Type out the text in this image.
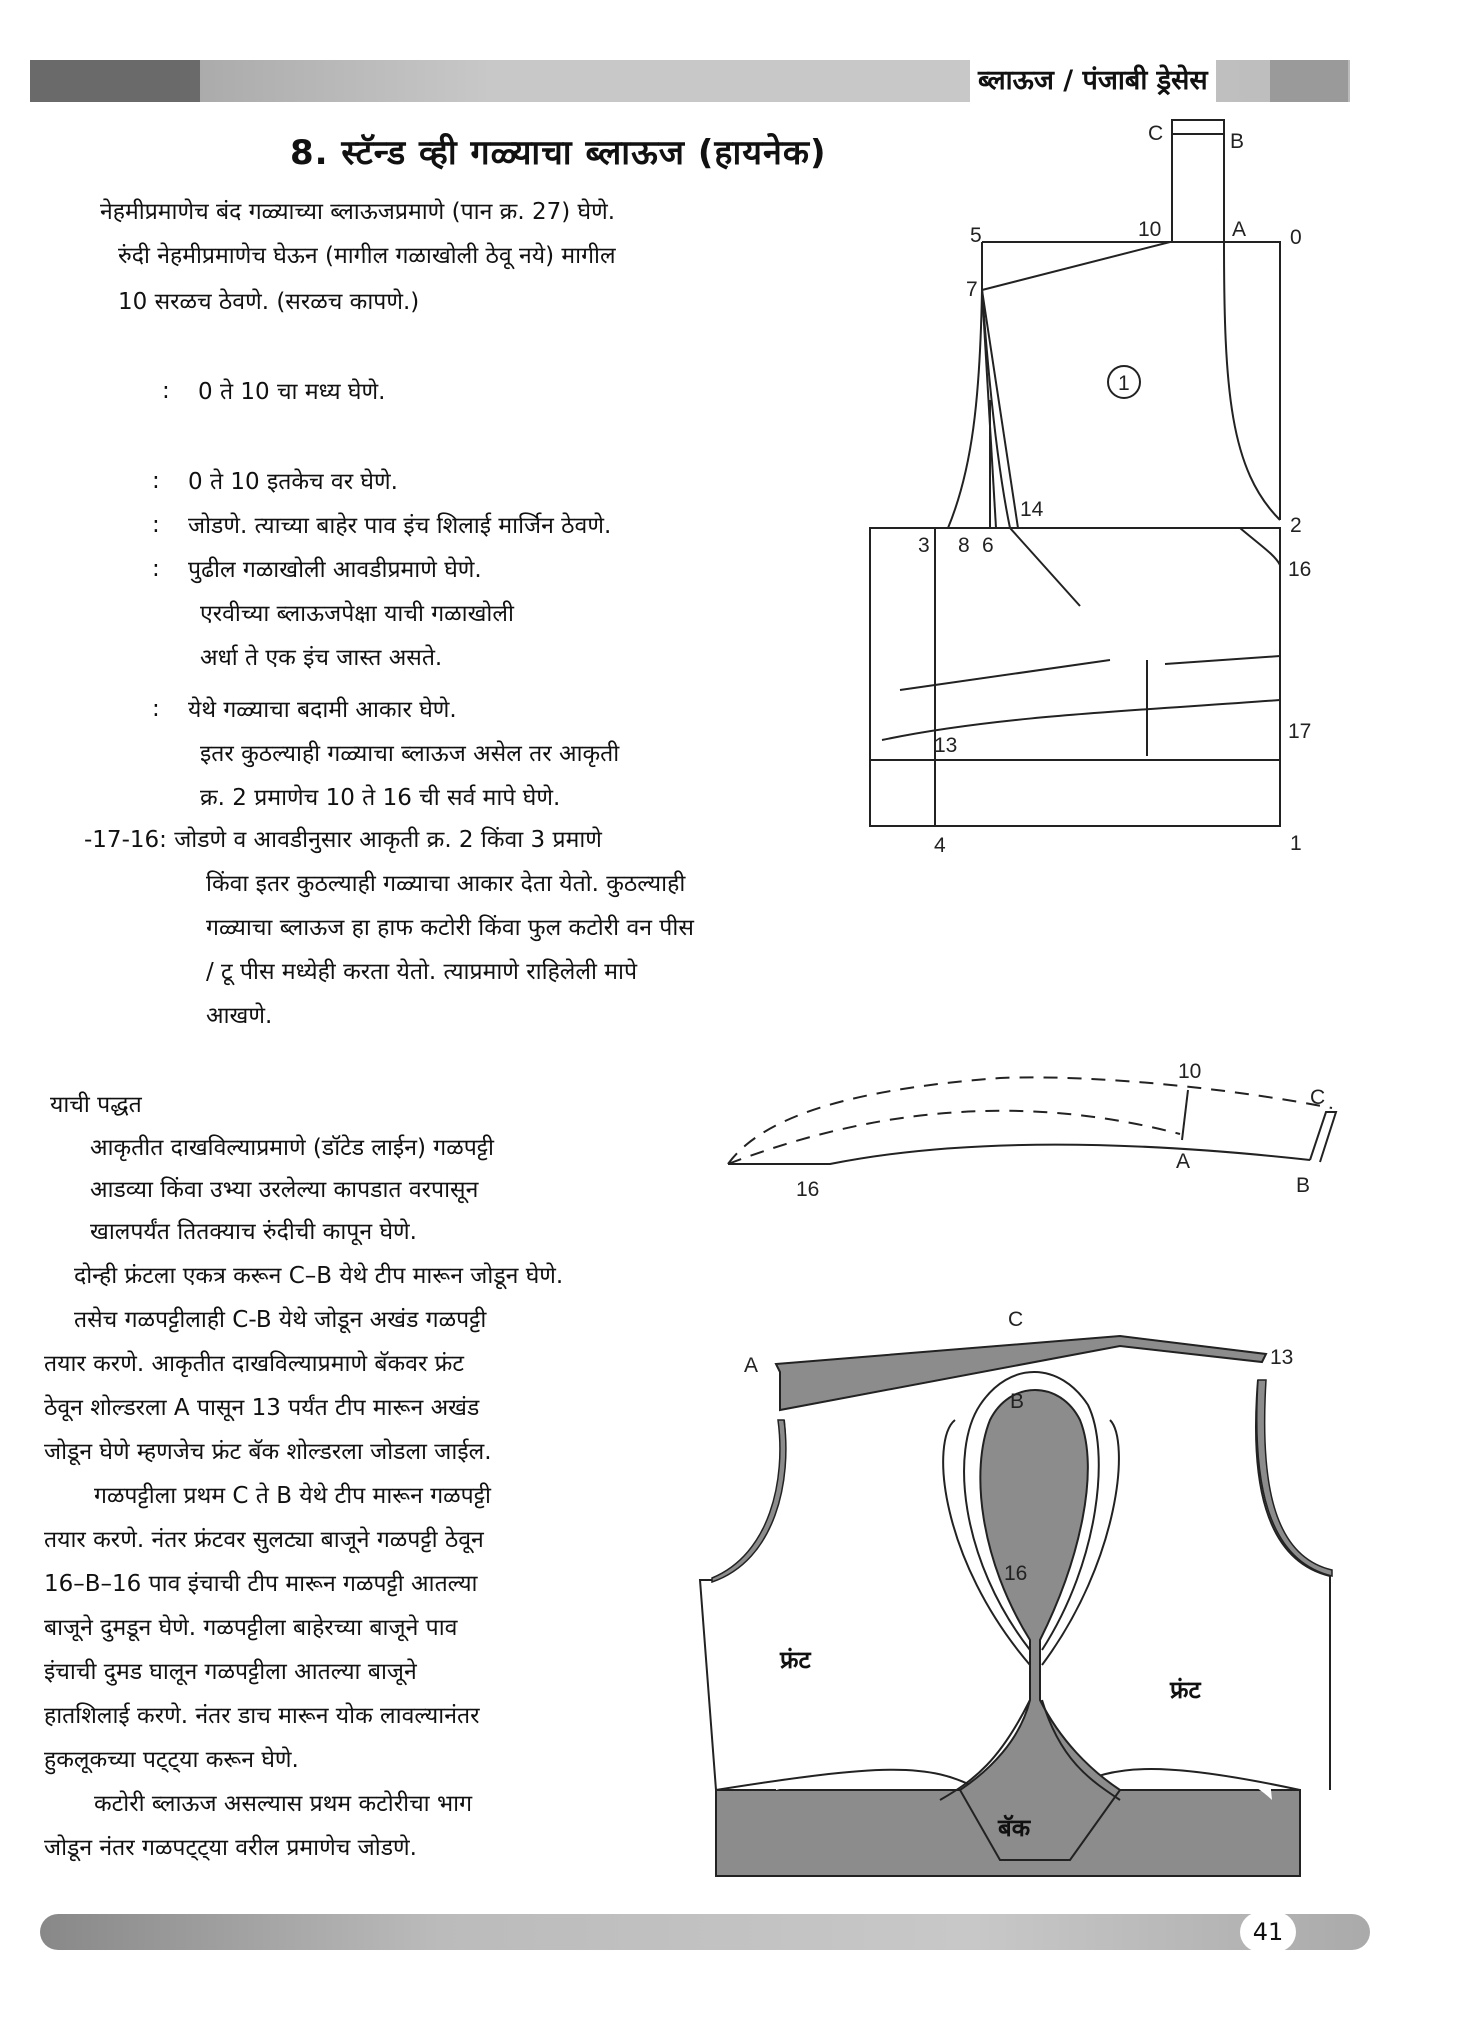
ब्लाऊज / पंजाबी ड्रेसेस
8. स्टॅन्ड व्ही गळ्याचा ब्लाऊज (हायनेक)
नेहमीप्रमाणेच बंद गळ्याच्या ब्लाऊजप्रमाणे (पान क्र. 27) घेणे.
रुंदी नेहमीप्रमाणेच घेऊन (मागील गळाखोली ठेवू नये) मागील
10 सरळच ठेवणे. (सरळच कापणे.)
: 0 ते 10 चा मध्य घेणे.
: 0 ते 10 इतकेच वर घेणे.
: जोडणे. त्याच्या बाहेर पाव इंच शिलाई मार्जिन ठेवणे.
: पुढील गळाखोली आवडीप्रमाणे घेणे.
एरवीच्या ब्लाऊजपेक्षा याची गळाखोली
अर्धा ते एक इंच जास्त असते.
: येथे गळ्याचा बदामी आकार घेणे.
इतर कुठल्याही गळ्याचा ब्लाऊज असेल तर आकृती
क्र. 2 प्रमाणेच 10 ते 16 ची सर्व मापे घेणे.
-17-16: जोडणे व आवडीनुसार आकृती क्र. 2 किंवा 3 प्रमाणे
किंवा इतर कुठल्याही गळ्याचा आकार देता येतो. कुठल्याही
गळ्याचा ब्लाऊज हा हाफ कटोरी किंवा फुल कटोरी वन पीस
/ टू पीस मध्येही करता येतो. त्याप्रमाणे राहिलेली मापे
आखणे.
याची पद्धत
आकृतीत दाखविल्याप्रमाणे (डॉटेड लाईन) गळपट्टी
आडव्या किंवा उभ्या उरलेल्या कापडात वरपासून
खालपर्यंत तितक्याच रुंदीची कापून घेणे.
दोन्ही फ्रंटला एकत्र करून C–B येथे टीप मारून जोडून घेणे.
तसेच गळपट्टीलाही C-B येथे जोडून अखंड गळपट्टी
तयार करणे. आकृतीत दाखविल्याप्रमाणे बॅकवर फ्रंट
ठेवून शोल्डरला A पासून 13 पर्यंत टीप मारून अखंड
जोडून घेणे म्हणजेच फ्रंट बॅक शोल्डरला जोडला जाईल.
गळपट्टीला प्रथम C ते B येथे टीप मारून गळपट्टी
तयार करणे. नंतर फ्रंटवर सुलट्या बाजूने गळपट्टी ठेवून
16–B–16 पाव इंचाची टीप मारून गळपट्टी आतल्या
बाजूने दुमडून घेणे. गळपट्टीला बाहेरच्या बाजूने पाव
इंचाची दुमड घालून गळपट्टीला आतल्या बाजूने
हातशिलाई करणे. नंतर डाच मारून योक लावल्यानंतर
हुकलूकच्या पट्ट्या करून घेणे.
कटोरी ब्लाऊज असल्यास प्रथम कटोरीचा भाग
जोडून नंतर गळपट्ट्या वरील प्रमाणेच जोडणे.
C	B
5	10	A 0
7
1
14
2
3 8 6
16
13
17
4	1
10
C
A
B
16
C
A	13
B
16
फ्रंट
फ्रंट
बॅक
41
